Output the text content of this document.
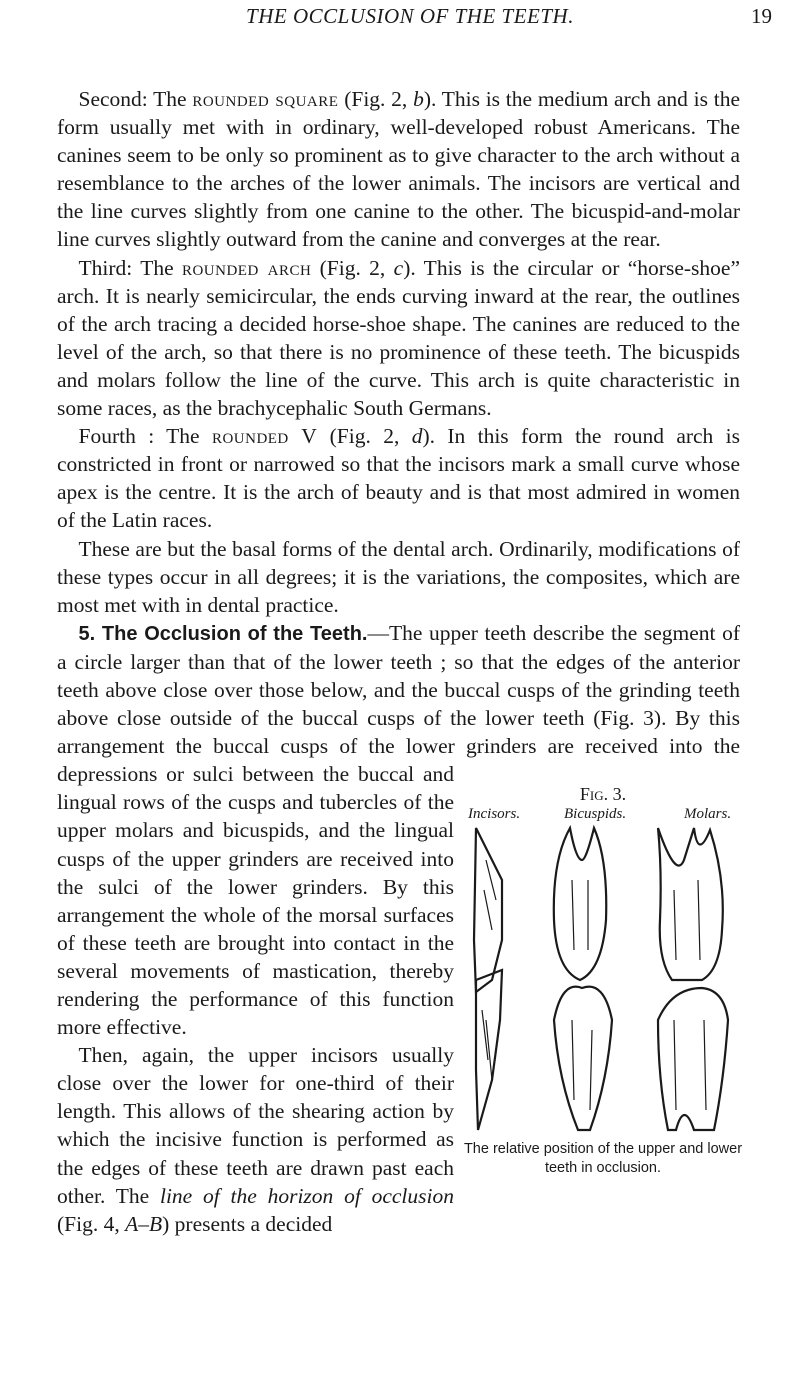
THE OCCLUSION OF THE TEETH.	19

 Second: The rounded square (Fig. 2, b). This is the medium arch and is the form usually met with in ordinary, well-developed robust Americans. The canines seem to be only so prominent as to give character to the arch without a resemblance to the arches of the lower animals. The incisors are vertical and the line curves slightly from one canine to the other. The bicuspid-and-molar line curves slightly outward from the canine and converges at the rear.

 Third: The rounded arch (Fig. 2, c). This is the circular or “horse-shoe” arch. It is nearly semicircular, the ends curving inward at the rear, the outlines of the arch tracing a decided horse-shoe shape. The canines are reduced to the level of the arch, so that there is no prominence of these teeth. The bicuspids and molars follow the line of the curve. This arch is quite characteristic in some races, as the brachycephalic South Germans.

 Fourth : The rounded V (Fig. 2, d). In this form the round arch is constricted in front or narrowed so that the incisors mark a small curve whose apex is the centre. It is the arch of beauty and is that most admired in women of the Latin races.

 These are but the basal forms of the dental arch. Ordinarily, modifications of these types occur in all degrees; it is the variations, the composites, which are most met with in dental practice.

 5. The Occlusion of the Teeth.—The upper teeth describe the segment of a circle larger than that of the lower teeth ; so that the edges of the anterior teeth above close over those below, and the buccal cusps of the grinding teeth above close outside of the buccal cusps of the lower teeth (Fig. 3). By this arrangement the buccal cusps of the lower grinders are received into the depressions or sulci between the buccal and lingual rows of the cusps and tubercles of the upper molars and bicuspids, and the lingual cusps of the upper grinders are received into the sulci of the lower grinders. By this arrangement the whole of the morsal surfaces of these teeth are brought into contact in the several movements of mastication, thereby rendering the performance of this function more effective.

Fig. 3.
Incisors.	Bicuspids.	Molars.
The relative position of the upper and lower teeth in occlusion.

 Then, again, the upper incisors usually close over the lower for one-third of their length. This allows of the shearing action by which the incisive function is performed as the edges of these teeth are drawn past each other. The line of the horizon of occlusion (Fig. 4, A–B) presents a decided
